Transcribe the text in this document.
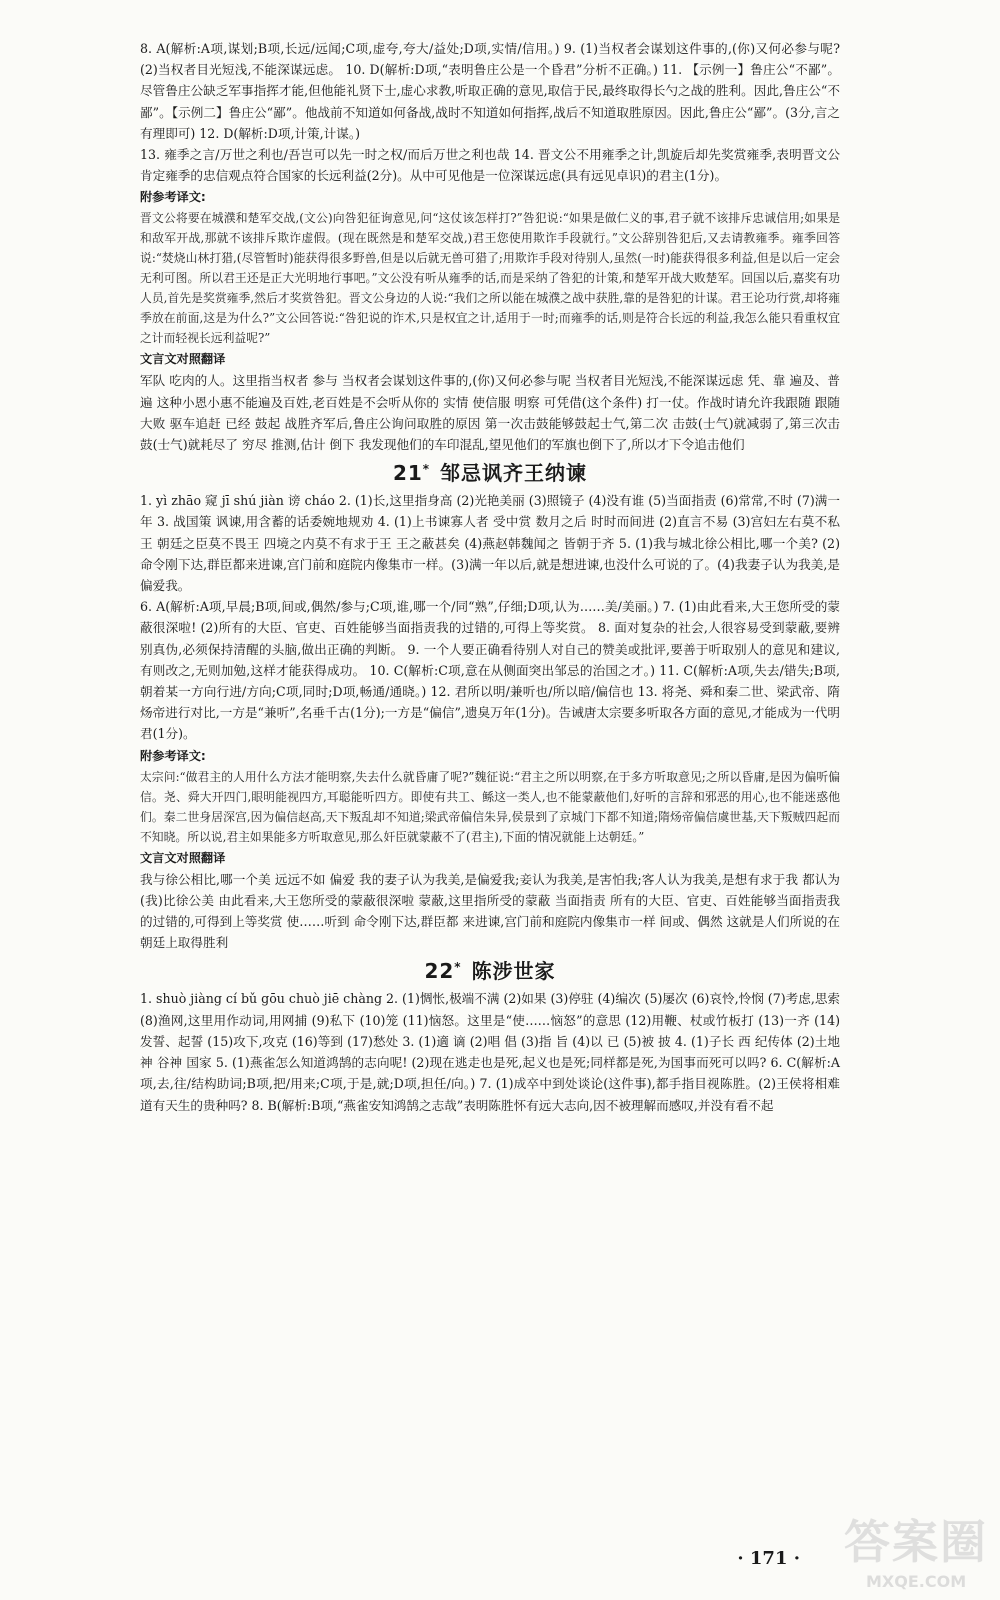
8. A(解析:A项,谋划;B项,长远/远闻;C项,虚夸,夸大/益处;D项,实情/信用。) 9. (1)当权者会谋划这件事的,(你)又何必参与呢? (2)当权者目光短浅,不能深谋远虑。 10. D(解析:D项,“表明鲁庄公是一个昏君”分析不正确。) 11. 【示例一】鲁庄公“不鄙”。尽管鲁庄公缺乏军事指挥才能,但他能礼贤下士,虚心求教,听取正确的意见,取信于民,最终取得长勺之战的胜利。因此,鲁庄公“不鄙”。【示例二】鲁庄公“鄙”。他战前不知道如何备战,战时不知道如何指挥,战后不知道取胜原因。因此,鲁庄公“鄙”。(3分,言之有理即可) 12. D(解析:D项,计策,计谋。)

13. 雍季之言/万世之利也/吾岂可以先一时之权/而后万世之利也哉 14. 晋文公不用雍季之计,凯旋后却先奖赏雍季,表明晋文公肯定雍季的忠信观点符合国家的长远利益(2分)。从中可见他是一位深谋远虑(具有远见卓识)的君主(1分)。

附参考译文:

晋文公将要在城濮和楚军交战,(文公)向咎犯征询意见,问“这仗该怎样打?”咎犯说:“如果是做仁义的事,君子就不该排斥忠诚信用;如果是和敌军开战,那就不该排斥欺诈虚假。(现在既然是和楚军交战,)君王您使用欺诈手段就行。”文公辞别咎犯后,又去请教雍季。雍季回答说:“焚烧山林打猎,(尽管暂时)能获得很多野兽,但是以后就无兽可猎了;用欺诈手段对待别人,虽然(一时)能获得很多利益,但是以后一定会无利可图。所以君王还是正大光明地行事吧。”文公没有听从雍季的话,而是采纳了咎犯的计策,和楚军开战大败楚军。回国以后,嘉奖有功人员,首先是奖赏雍季,然后才奖赏咎犯。晋文公身边的人说:“我们之所以能在城濮之战中获胜,靠的是咎犯的计谋。君王论功行赏,却将雍季放在前面,这是为什么?”文公回答说:“咎犯说的诈术,只是权宜之计,适用于一时;而雍季的话,则是符合长远的利益,我怎么能只看重权宜之计而轻视长远利益呢?”

文言文对照翻译

军队 吃肉的人。这里指当权者 参与 当权者会谋划这件事的,(你)又何必参与呢 当权者目光短浅,不能深谋远虑 凭、靠 遍及、普遍 这种小恩小惠不能遍及百姓,老百姓是不会听从你的 实情 使信服 明察 可凭借(这个条件) 打一仗。作战时请允许我跟随 跟随 大败 驱车追赶 已经 鼓起 战胜齐军后,鲁庄公询问取胜的原因 第一次击鼓能够鼓起士气,第二次 击鼓(士气)就减弱了,第三次击鼓(士气)就耗尽了 穷尽 推测,估计 倒下 我发现他们的车印混乱,望见他们的军旗也倒下了,所以才下令追击他们

21* 邹忌讽齐王纳谏

1. yì zhāo 窥 jī shú jiàn 谤 cháo 2. (1)长,这里指身高 (2)光艳美丽 (3)照镜子 (4)没有谁 (5)当面指责 (6)常常,不时 (7)满一年 3. 战国策 讽谏,用含蓄的话委婉地规劝 4. (1)上书谏寡人者 受中赏 数月之后 时时而间进 (2)直言不易 (3)宫妇左右莫不私王 朝廷之臣莫不畏王 四境之内莫不有求于王 王之蔽甚矣 (4)燕赵韩魏闻之 皆朝于齐 5. (1)我与城北徐公相比,哪一个美? (2)命令刚下达,群臣都来进谏,宫门前和庭院内像集市一样。(3)满一年以后,就是想进谏,也没什么可说的了。(4)我妻子认为我美,是偏爱我。

6. A(解析:A项,早晨;B项,间或,偶然/参与;C项,谁,哪一个/同“熟”,仔细;D项,认为……美/美丽。) 7. (1)由此看来,大王您所受的蒙蔽很深啦! (2)所有的大臣、官吏、百姓能够当面指责我的过错的,可得上等奖赏。 8. 面对复杂的社会,人很容易受到蒙蔽,要辨别真伪,必须保持清醒的头脑,做出正确的判断。 9. 一个人要正确看待别人对自己的赞美或批评,要善于听取别人的意见和建议,有则改之,无则加勉,这样才能获得成功。 10. C(解析:C项,意在从侧面突出邹忌的治国之才。) 11. C(解析:A项,失去/错失;B项,朝着某一方向行进/方向;C项,同时;D项,畅通/通晓。) 12. 君所以明/兼听也/所以暗/偏信也 13. 将尧、舜和秦二世、梁武帝、隋炀帝进行对比,一方是“兼听”,名垂千古(1分);一方是“偏信”,遗臭万年(1分)。告诫唐太宗要多听取各方面的意见,才能成为一代明君(1分)。

附参考译文:

太宗问:“做君主的人用什么方法才能明察,失去什么就昏庸了呢?”魏征说:“君主之所以明察,在于多方听取意见;之所以昏庸,是因为偏听偏信。尧、舜大开四门,眼明能视四方,耳聪能听四方。即使有共工、鲧这一类人,也不能蒙蔽他们,好听的言辞和邪恶的用心,也不能迷惑他们。秦二世身居深宫,因为偏信赵高,天下叛乱却不知道;梁武帝偏信朱异,侯景到了京城门下都不知道;隋炀帝偏信虞世基,天下叛贼四起而不知晓。所以说,君主如果能多方听取意见,那么奸臣就蒙蔽不了(君主),下面的情况就能上达朝廷。”

文言文对照翻译

我与徐公相比,哪一个美 远远不如 偏爱 我的妻子认为我美,是偏爱我;妾认为我美,是害怕我;客人认为我美,是想有求于我 都认为(我)比徐公美 由此看来,大王您所受的蒙蔽很深啦 蒙蔽,这里指所受的蒙蔽 当面指责 所有的大臣、官吏、百姓能够当面指责我的过错的,可得到上等奖赏 使……听到 命令刚下达,群臣都 来进谏,宫门前和庭院内像集市一样 间或、偶然 这就是人们所说的在朝廷上取得胜利

22* 陈涉世家

1. shuò jiàng cí bǔ gōu chuò jiē chàng 2. (1)惆怅,极端不满 (2)如果 (3)停驻 (4)编次 (5)屡次 (6)哀怜,怜悯 (7)考虑,思索 (8)渔网,这里用作动词,用网捕 (9)私下 (10)笼 (11)恼怒。这里是“使……恼怒”的意思 (12)用鞭、杖或竹板打 (13)一齐 (14)发誓、起誓 (15)攻下,攻克 (16)等到 (17)愁处 3. (1)適 谪 (2)唱 倡 (3)指 旨 (4)以 已 (5)被 披 4. (1)子长 西 纪传体 (2)土地神 谷神 国家 5. (1)燕雀怎么知道鸿鹄的志向呢! (2)现在逃走也是死,起义也是死;同样都是死,为国事而死可以吗? 6. C(解析:A项,去,往/结构助词;B项,把/用来;C项,于是,就;D项,担任/向。) 7. (1)成卒中到处谈论(这件事),都手指目视陈胜。(2)王侯将相难道有天生的贵种吗? 8. B(解析:B项,“燕雀安知鸿鹄之志哉”表明陈胜怀有远大志向,因不被理解而感叹,并没有看不起

· 171 · 答案圈
MXQE.COM
